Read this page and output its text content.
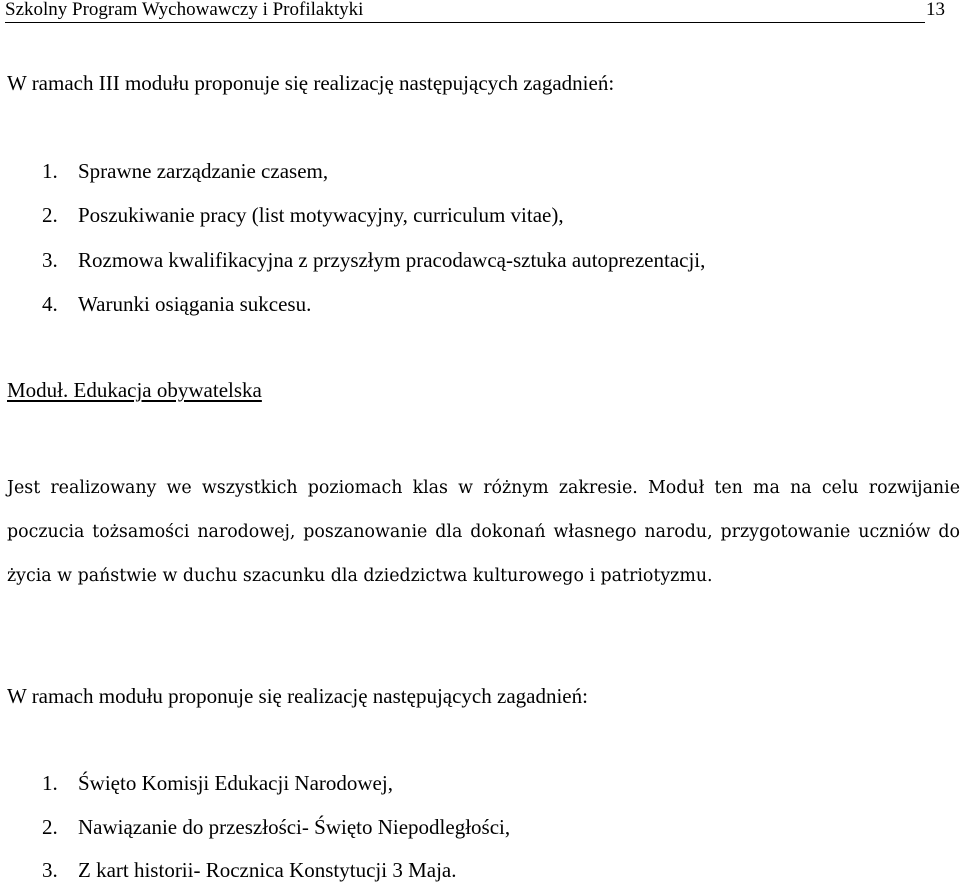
Szkolny Program Wychowawczy i Profilaktyki	13
W ramach III modułu proponuje się realizację następujących zagadnień:
1. Sprawne zarządzanie czasem,
2. Poszukiwanie pracy (list motywacyjny, curriculum vitae),
3. Rozmowa kwalifikacyjna z przyszłym pracodawcą-sztuka autoprezentacji,
4. Warunki osiągania sukcesu.
Moduł. Edukacja obywatelska
Jest realizowany we wszystkich poziomach klas w różnym zakresie. Moduł ten ma na celu rozwijanie poczucia tożsamości narodowej, poszanowanie dla dokonań własnego narodu, przygotowanie uczniów do życia w państwie w duchu szacunku dla dziedzictwa kulturowego i patriotyzmu.
W ramach modułu proponuje się realizację następujących zagadnień:
1. Święto Komisji Edukacji Narodowej,
2. Nawiązanie do przeszłości- Święto Niepodległości,
3. Z kart historii- Rocznica Konstytucji 3 Maja.
